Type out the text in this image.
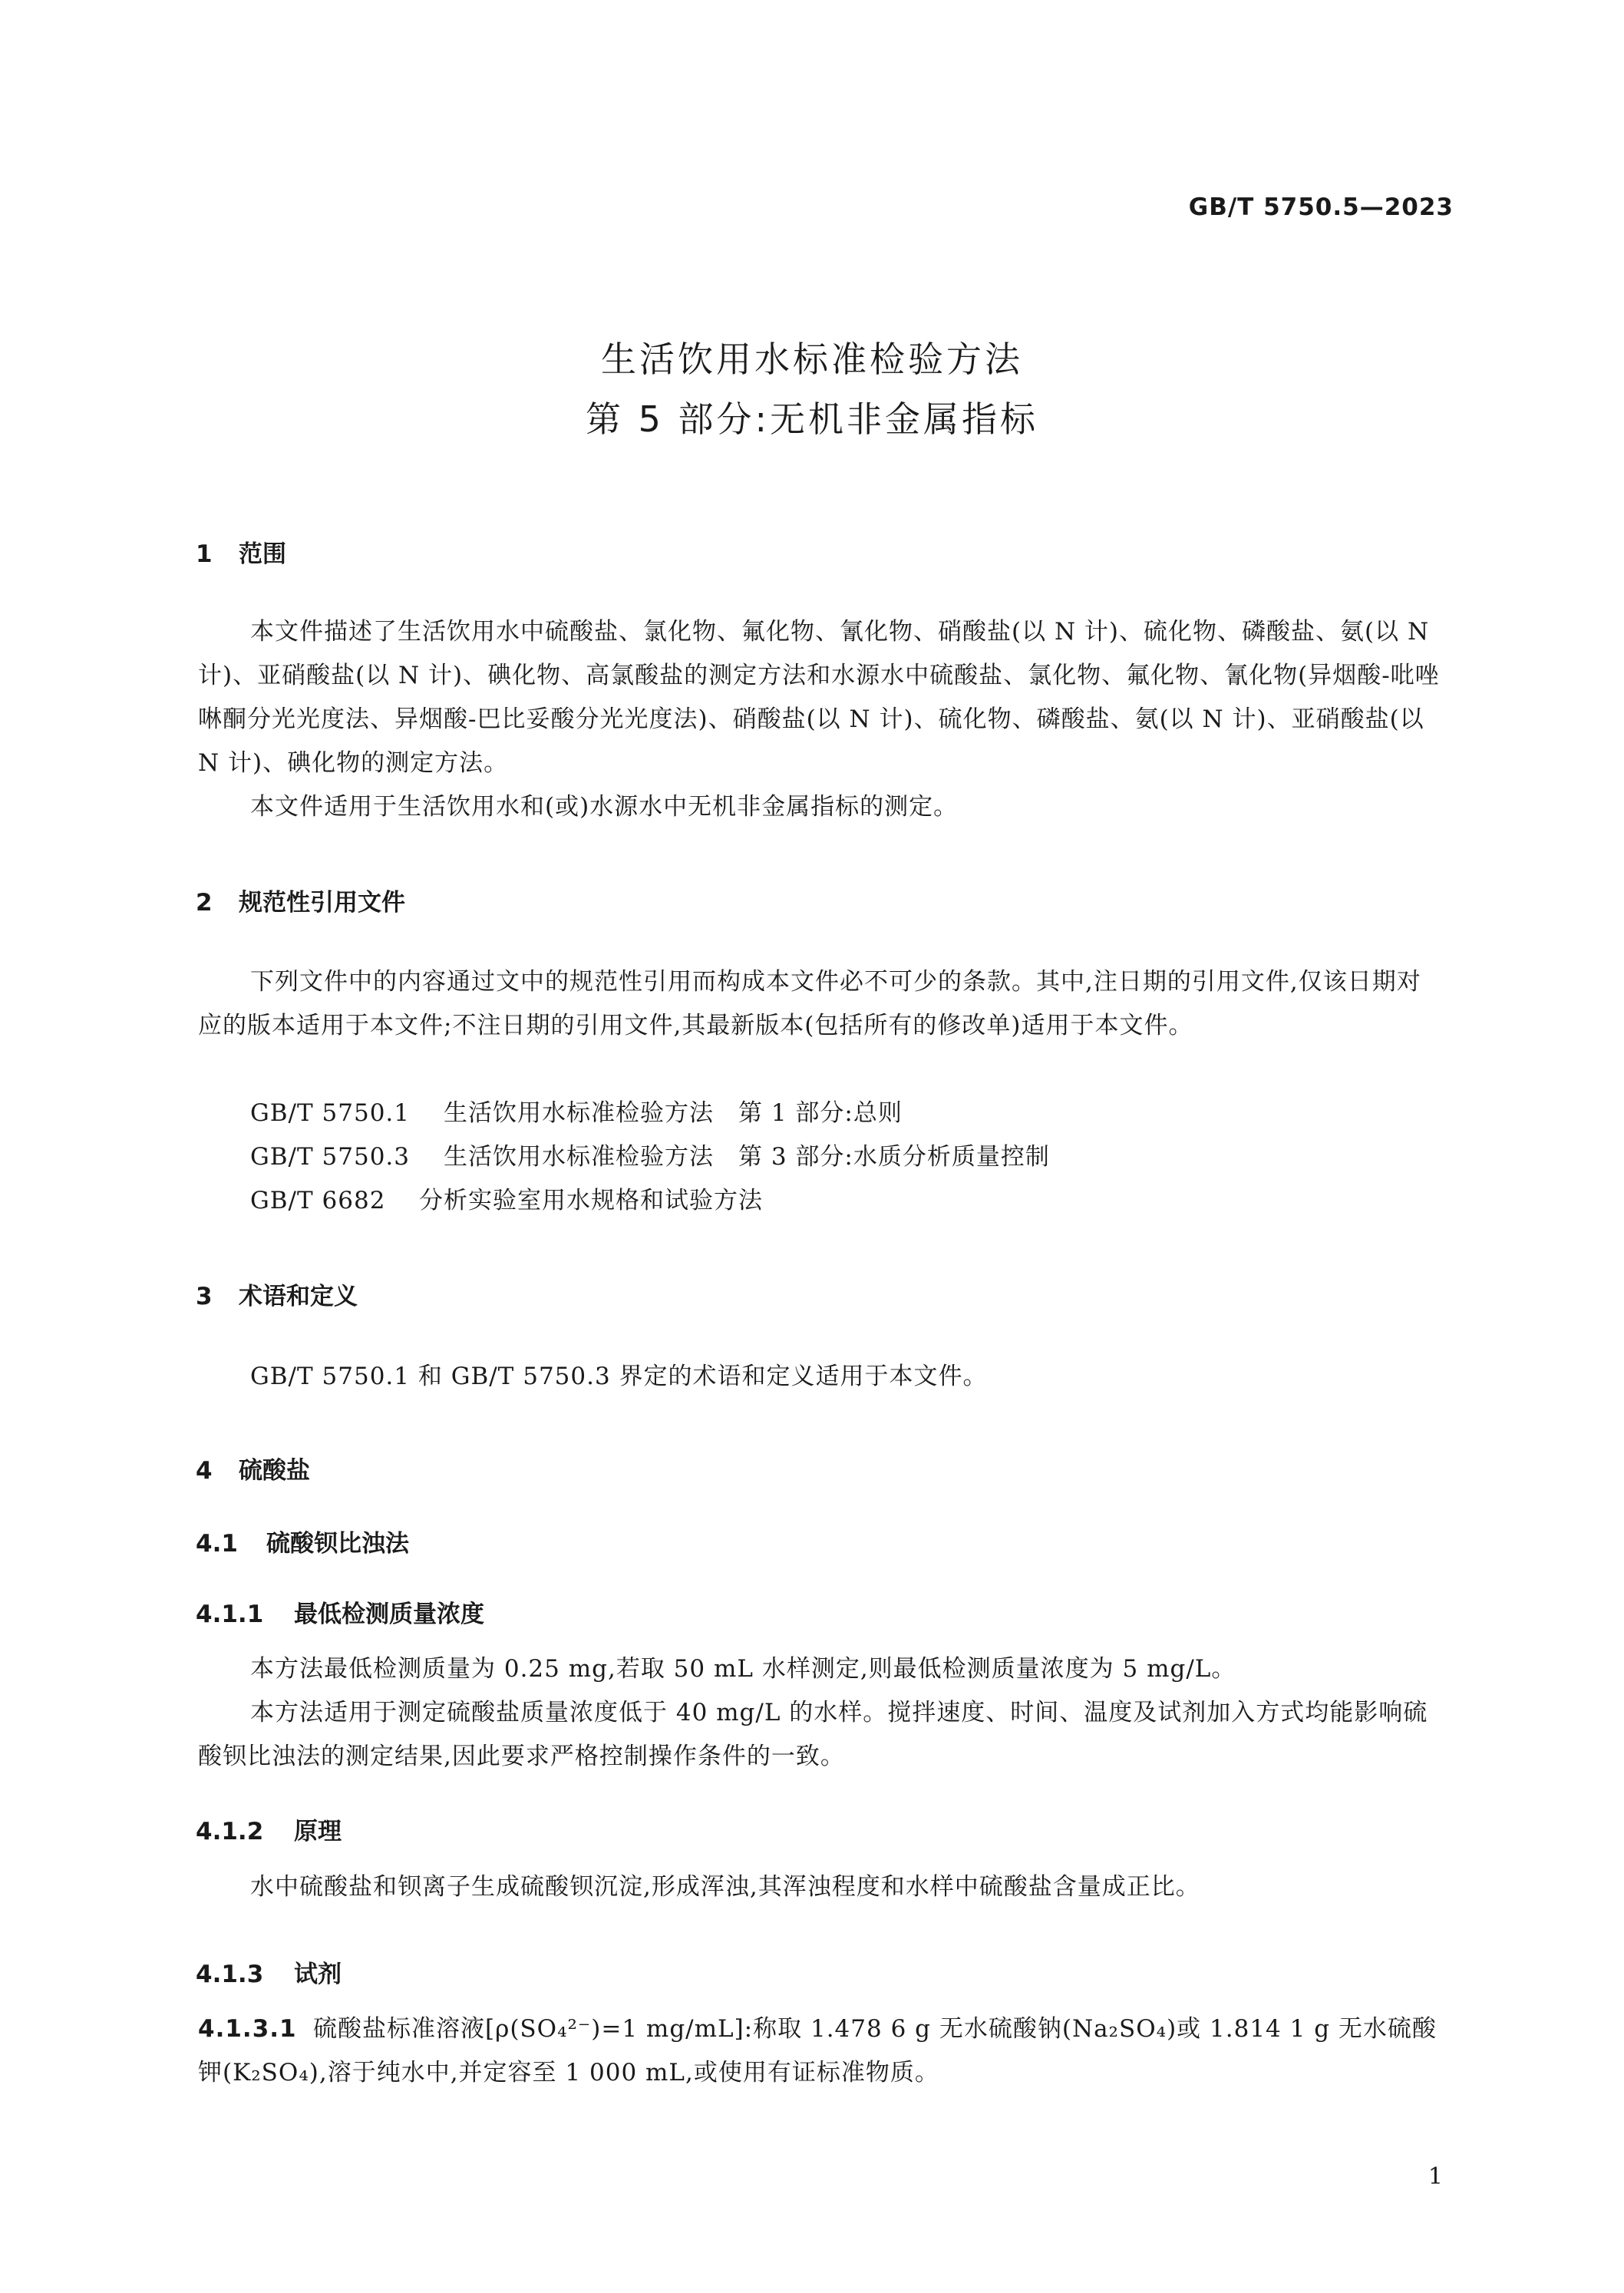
GB/T 5750.5—2023
生活饮用水标准检验方法
第 5 部分:无机非金属指标
1 范围
本文件描述了生活饮用水中硫酸盐、氯化物、氟化物、氰化物、硝酸盐(以 N 计)、硫化物、磷酸盐、氨(以 N 计)、亚硝酸盐(以 N 计)、碘化物、高氯酸盐的测定方法和水源水中硫酸盐、氯化物、氟化物、氰化物(异烟酸-吡唑啉酮分光光度法、异烟酸-巴比妥酸分光光度法)、硝酸盐(以 N 计)、硫化物、磷酸盐、氨(以 N 计)、亚硝酸盐(以 N 计)、碘化物的测定方法。
本文件适用于生活饮用水和(或)水源水中无机非金属指标的测定。
2 规范性引用文件
下列文件中的内容通过文中的规范性引用而构成本文件必不可少的条款。其中,注日期的引用文件,仅该日期对应的版本适用于本文件;不注日期的引用文件,其最新版本(包括所有的修改单)适用于本文件。
GB/T 5750.1 生活饮用水标准检验方法　第 1 部分:总则
GB/T 5750.3 生活饮用水标准检验方法　第 3 部分:水质分析质量控制
GB/T 6682 分析实验室用水规格和试验方法
3 术语和定义
GB/T 5750.1 和 GB/T 5750.3 界定的术语和定义适用于本文件。
4 硫酸盐
4.1 硫酸钡比浊法
4.1.1 最低检测质量浓度
本方法最低检测质量为 0.25 mg,若取 50 mL 水样测定,则最低检测质量浓度为 5 mg/L。
本方法适用于测定硫酸盐质量浓度低于 40 mg/L 的水样。搅拌速度、时间、温度及试剂加入方式均能影响硫酸钡比浊法的测定结果,因此要求严格控制操作条件的一致。
4.1.2 原理
水中硫酸盐和钡离子生成硫酸钡沉淀,形成浑浊,其浑浊程度和水样中硫酸盐含量成正比。
4.1.3 试剂
4.1.3.1 硫酸盐标准溶液[ρ(SO₄²⁻)=1 mg/mL]:称取 1.478 6 g 无水硫酸钠(Na₂SO₄)或 1.814 1 g 无水硫酸钾(K₂SO₄),溶于纯水中,并定容至 1 000 mL,或使用有证标准物质。
1
